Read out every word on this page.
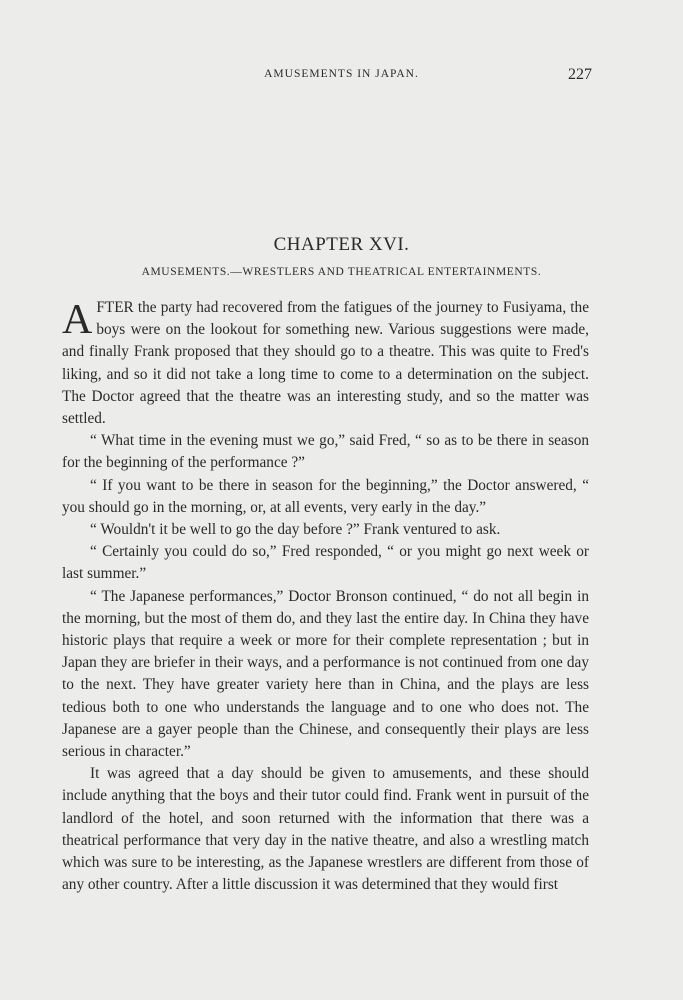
AMUSEMENTS IN JAPAN.	227
CHAPTER XVI.
AMUSEMENTS.—WRESTLERS AND THEATRICAL ENTERTAINMENTS.

AFTER the party had recovered from the fatigues of the journey to Fusiyama, the boys were on the lookout for something new. Various suggestions were made, and finally Frank proposed that they should go to a theatre. This was quite to Fred's liking, and so it did not take a long time to come to a determination on the subject. The Doctor agreed that the theatre was an interesting study, and so the matter was settled.

“ What time in the evening must we go,” said Fred, “ so as to be there in season for the beginning of the performance ?”

“ If you want to be there in season for the beginning,” the Doctor answered, “ you should go in the morning, or, at all events, very early in the day.”

“ Wouldn't it be well to go the day before ?” Frank ventured to ask.

“ Certainly you could do so,” Fred responded, “ or you might go next week or last summer.”

“ The Japanese performances,” Doctor Bronson continued, “ do not all begin in the morning, but the most of them do, and they last the entire day. In China they have historic plays that require a week or more for their complete representation ; but in Japan they are briefer in their ways, and a performance is not continued from one day to the next. They have greater variety here than in China, and the plays are less tedious both to one who understands the language and to one who does not. The Japanese are a gayer people than the Chinese, and consequently their plays are less serious in character.”

It was agreed that a day should be given to amusements, and these should include anything that the boys and their tutor could find. Frank went in pursuit of the landlord of the hotel, and soon returned with the information that there was a theatrical performance that very day in the native theatre, and also a wrestling match which was sure to be interesting, as the Japanese wrestlers are different from those of any other country. After a little discussion it was determined that they would first
